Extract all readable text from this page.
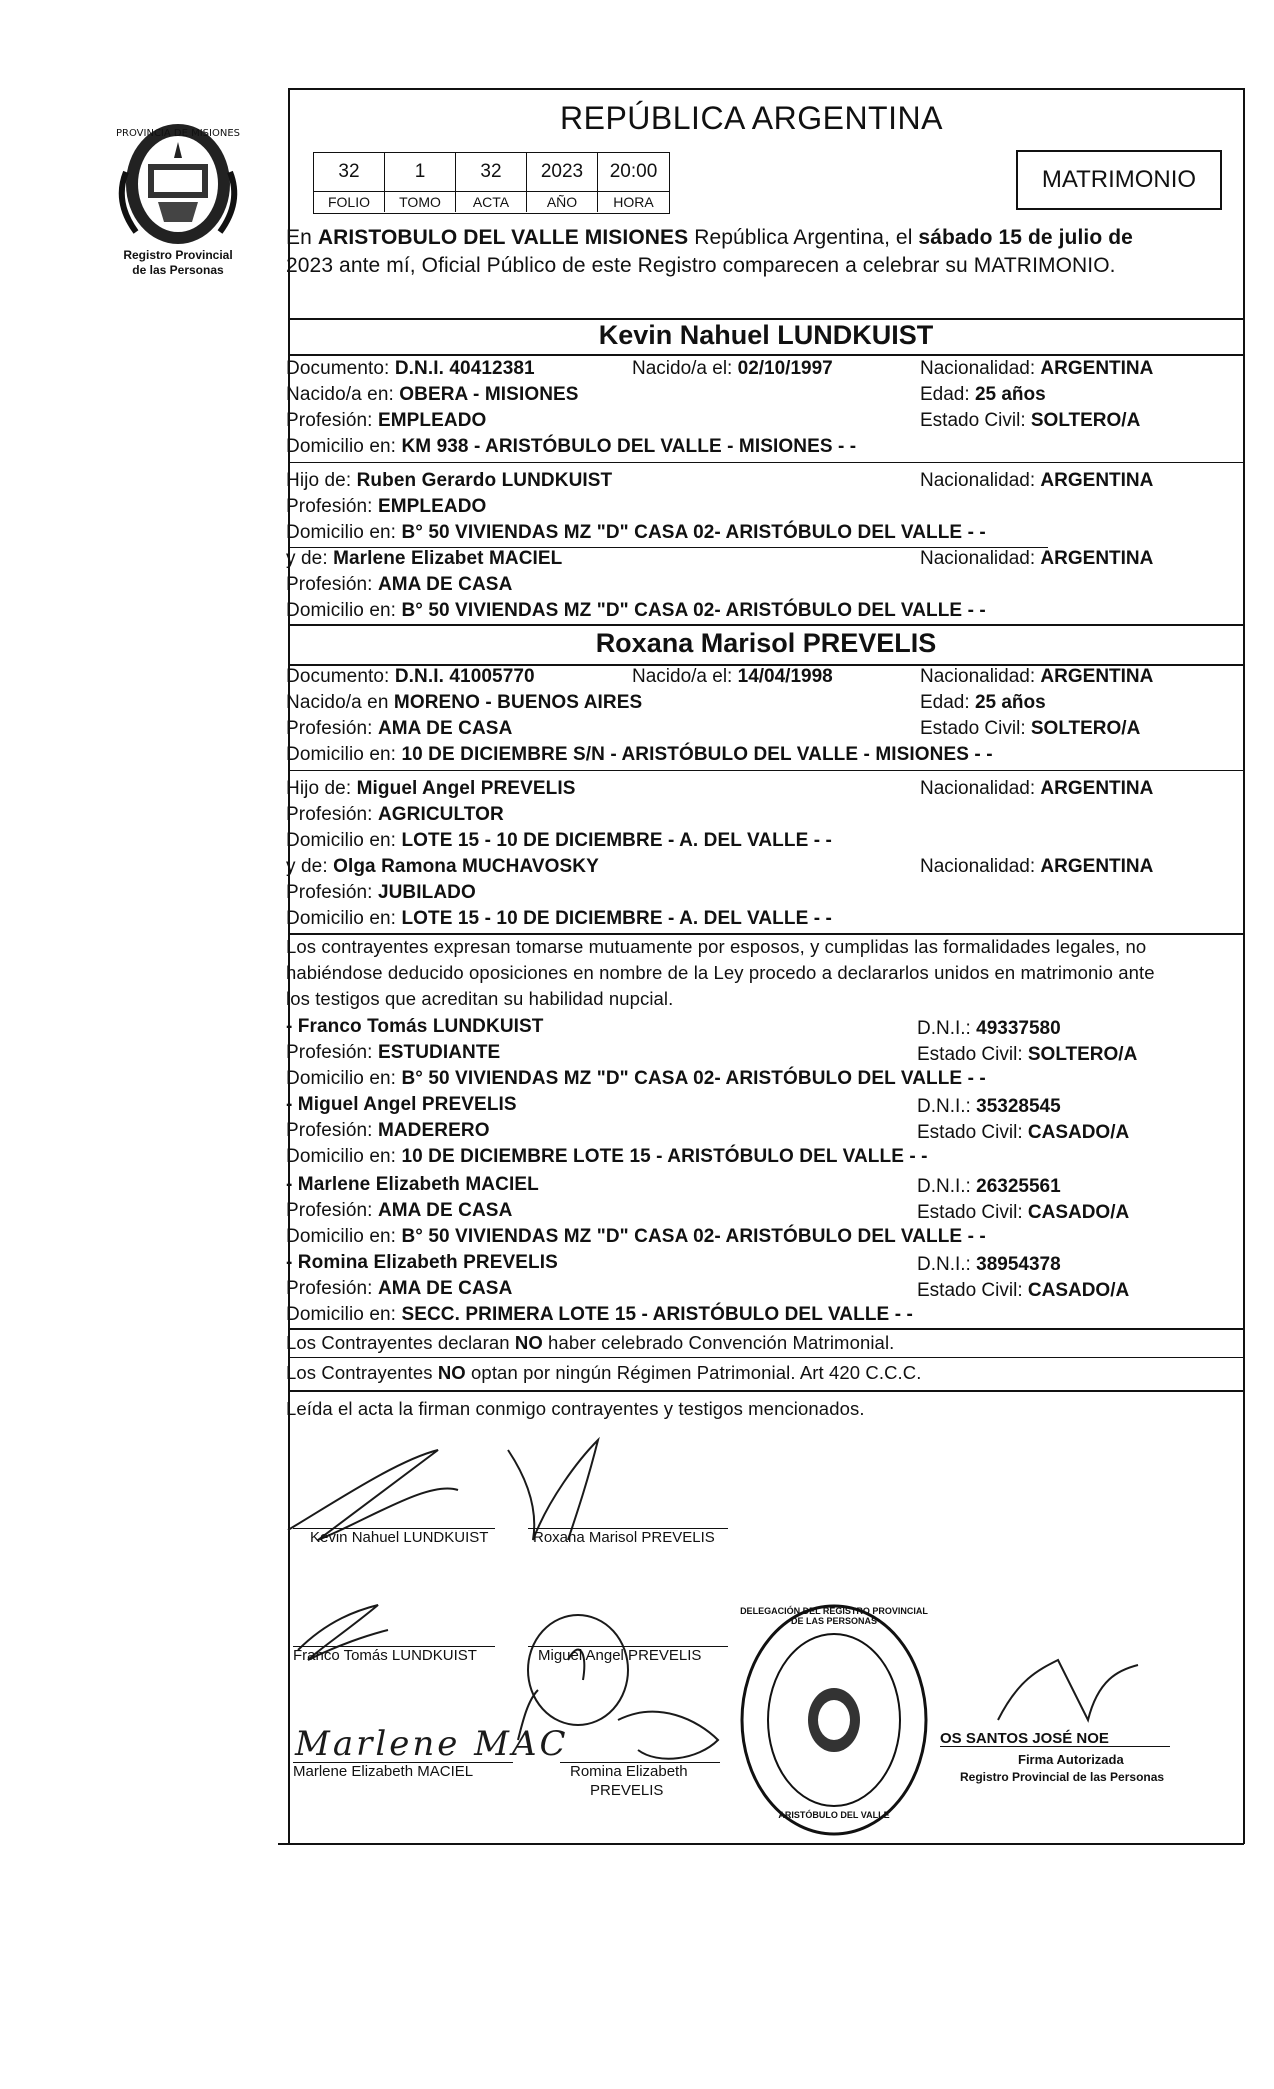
PROVINCIA DE MISIONES
Registro Provincial
de las Personas
REPÚBLICA ARGENTINA
32	1	32	2023	20:00
FOLIO	TOMO	ACTA	AÑO	HORA
MATRIMONIO
En ARISTOBULO DEL VALLE MISIONES República Argentina, el sábado 15 de julio de
2023 ante mí, Oficial Público de este Registro comparecen a celebrar su MATRIMONIO.
Kevin Nahuel LUNDKUIST
Documento: D.N.I. 40412381	Nacido/a el: 02/10/1997	Nacionalidad: ARGENTINA
Nacido/a en: OBERA - MISIONES	Edad: 25 años
Profesión: EMPLEADO	Estado Civil: SOLTERO/A
Domicilio en: KM 938 - ARISTÓBULO DEL VALLE - MISIONES - -
Hijo de: Ruben Gerardo LUNDKUIST	Nacionalidad: ARGENTINA
Profesión: EMPLEADO
Domicilio en: B° 50 VIVIENDAS MZ "D" CASA 02- ARISTÓBULO DEL VALLE - -
y de: Marlene Elizabet MACIEL	Nacionalidad: ARGENTINA
Profesión: AMA DE CASA
Domicilio en: B° 50 VIVIENDAS MZ "D" CASA 02- ARISTÓBULO DEL VALLE - -
Roxana Marisol PREVELIS
Documento: D.N.I. 41005770	Nacido/a el: 14/04/1998	Nacionalidad: ARGENTINA
Nacido/a en MORENO - BUENOS AIRES	Edad: 25 años
Profesión: AMA DE CASA	Estado Civil: SOLTERO/A
Domicilio en: 10 DE DICIEMBRE S/N - ARISTÓBULO DEL VALLE - MISIONES - -
Hijo de: Miguel Angel PREVELIS	Nacionalidad: ARGENTINA
Profesión: AGRICULTOR
Domicilio en: LOTE 15 - 10 DE DICIEMBRE - A. DEL VALLE - -
y de: Olga Ramona MUCHAVOSKY	Nacionalidad: ARGENTINA
Profesión: JUBILADO
Domicilio en: LOTE 15 - 10 DE DICIEMBRE - A. DEL VALLE - -
Los contrayentes expresan tomarse mutuamente por esposos, y cumplidas las formalidades legales, no
habiéndose deducido oposiciones en nombre de la Ley procedo a declararlos unidos en matrimonio ante
los testigos que acreditan su habilidad nupcial.
- Franco Tomás LUNDKUIST	D.N.I.: 49337580
Profesión: ESTUDIANTE	Estado Civil: SOLTERO/A
Domicilio en: B° 50 VIVIENDAS MZ "D" CASA 02- ARISTÓBULO DEL VALLE - -
- Miguel Angel PREVELIS	D.N.I.: 35328545
Profesión: MADERERO	Estado Civil: CASADO/A
Domicilio en: 10 DE DICIEMBRE LOTE 15 - ARISTÓBULO DEL VALLE - -
- Marlene Elizabeth MACIEL	D.N.I.: 26325561
Profesión: AMA DE CASA	Estado Civil: CASADO/A
Domicilio en: B° 50 VIVIENDAS MZ "D" CASA 02- ARISTÓBULO DEL VALLE - -
- Romina Elizabeth PREVELIS	D.N.I.: 38954378
Profesión: AMA DE CASA	Estado Civil: CASADO/A
Domicilio en: SECC. PRIMERA LOTE 15 - ARISTÓBULO DEL VALLE - -
Los Contrayentes declaran NO haber celebrado Convención Matrimonial.
Los Contrayentes NO optan por ningún Régimen Patrimonial. Art 420 C.C.C.
Leída el acta la firman conmigo contrayentes y testigos mencionados.
Marlene MAC
Kevin Nahuel LUNDKUIST	Roxana Marisol PREVELIS
Franco Tomás LUNDKUIST	Miguel Angel PREVELIS
Marlene Elizabeth MACIEL	Romina Elizabeth
PREVELIS
DELEGACIÓN DEL REGISTRO PROVINCIAL DE LAS PERSONAS
ARISTÓBULO DEL VALLE
OS SANTOS JOSÉ NOE
Firma Autorizada
Registro Provincial de las Personas
